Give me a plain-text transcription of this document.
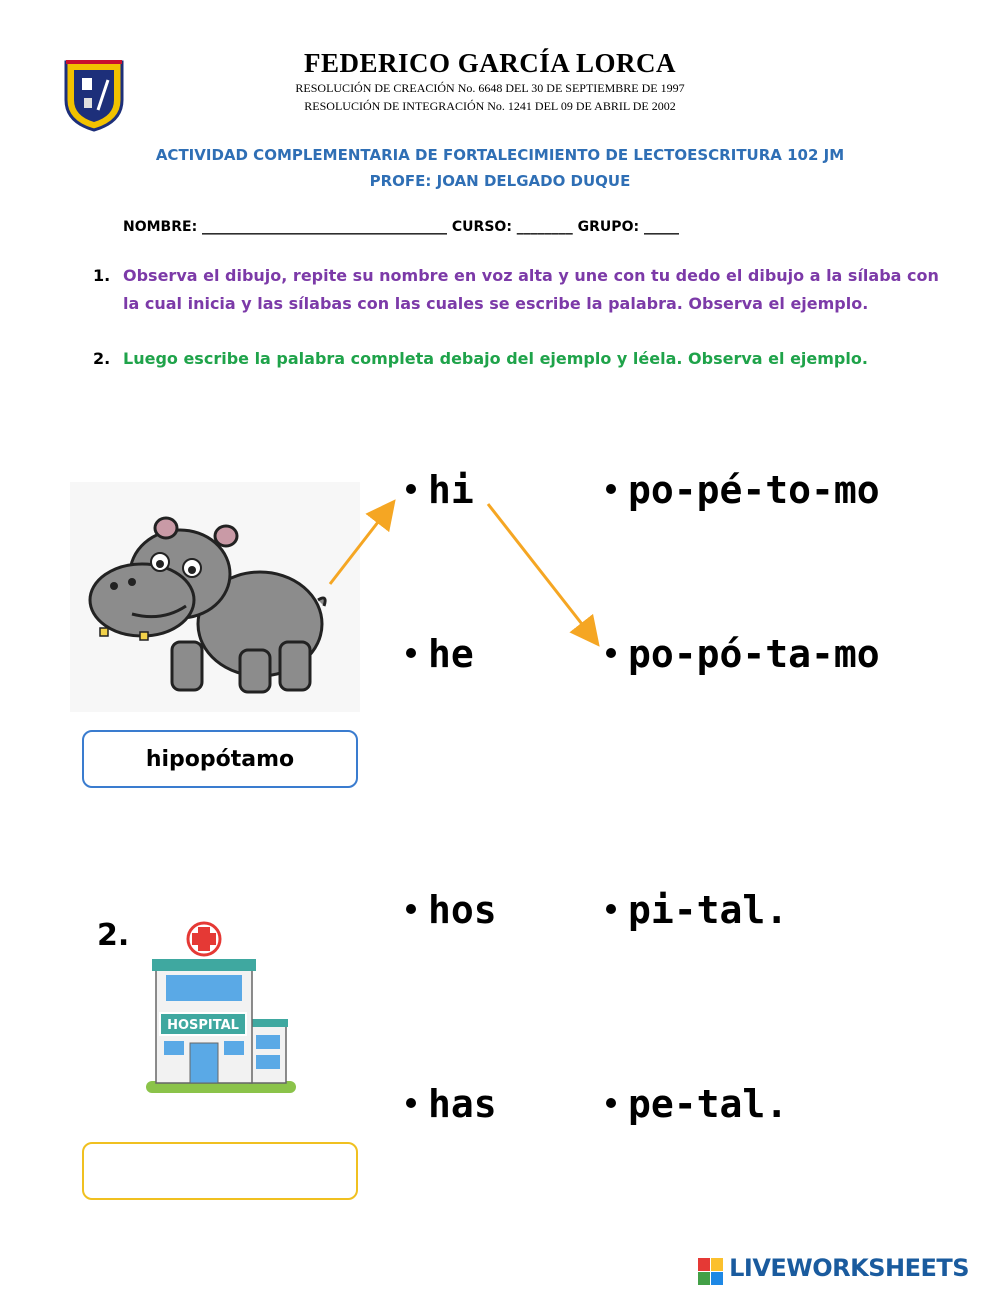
FEDERICO GARCÍA LORCA
RESOLUCIÓN DE CREACIÓN No. 6648 DEL 30 DE SEPTIEMBRE DE 1997
RESOLUCIÓN DE INTEGRACIÓN No. 1241 DEL 09 DE ABRIL DE 2002
ACTIVIDAD COMPLEMENTARIA DE FORTALECIMIENTO DE LECTOESCRITURA 102 JM
PROFE: JOAN DELGADO DUQUE
NOMBRE: ___________________________________ CURSO: ________ GRUPO: _____
1. Observa el dibujo, repite su nombre en voz alta y une con tu dedo el dibujo a la sílaba con la cual inicia y las sílabas con las cuales se escribe la palabra. Observa el ejemplo.
2. Luego escribe la palabra completa debajo del ejemplo y léela. Observa el ejemplo.
hipopótamo
hi
he
po-pé-to-mo
po-pó-ta-mo
2.
HOSPITAL
hos
has
pi-tal.
pe-tal.
LIVEWORKSHEETS
